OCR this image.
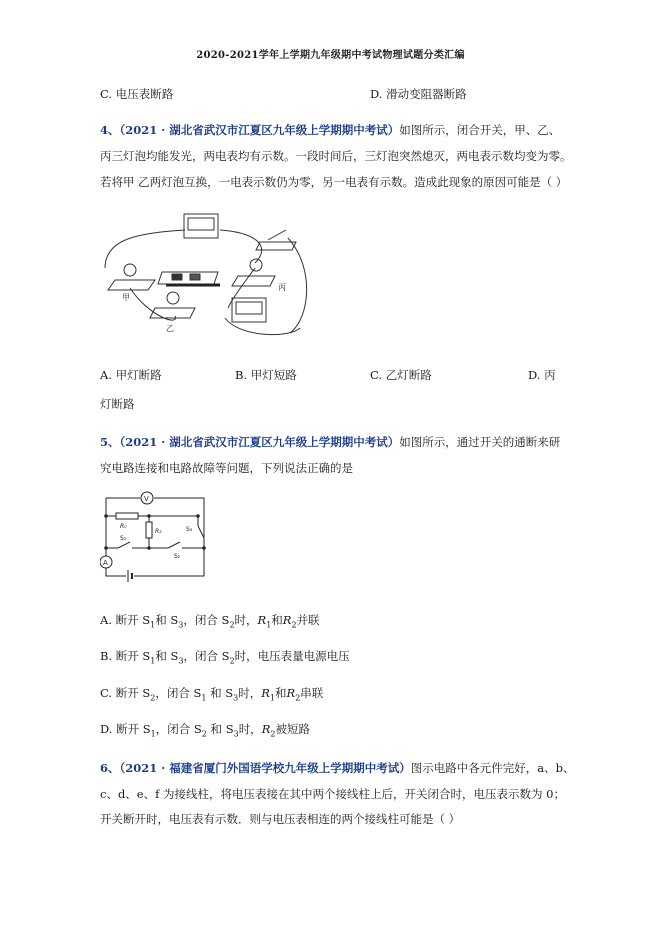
2020-2021学年上学期九年级期中考试物理试题分类汇编
C. 电压表断路	D. 滑动变阻器断路
4、（2021 · 湖北省武汉市江夏区九年级上学期期中考试）如图所示，闭合开关，甲、乙、
丙三灯泡均能发光，两电表均有示数。一段时间后，三灯泡突然熄灭，两电表示数均变为零。
若将甲 乙两灯泡互换，一电表示数仍为零，另一电表有示数。造成此现象的原因可能是（ ）
甲
乙
丙
A. 甲灯断路	B. 甲灯短路	C. 乙灯断路	D. 丙
灯断路
5、（2021 · 湖北省武汉市江夏区九年级上学期期中考试）如图所示，通过开关的通断来研
究电路连接和电路故障等问题，下列说法正确的是
V
A
R₀
R₂	S₃
S₁
S₂
A. 断开 $S_1$和 $S_3$，闭合 $S_2$时，$R_1$和$R_2$并联
B. 断开 $S_1$和 $S_3$，闭合 $S_2$时，电压表量电源电压
C. 断开 $S_2$，闭合 $S_1$ 和 $S_3$时，$R_1$和$R_2$串联
D. 断开 $S_1$，闭合 $S_2$ 和 $S_3$时，$R_2$被短路
6、（2021 · 福建省厦门外国语学校九年级上学期期中考试）图示电路中各元件完好，a、b、
c、d、e、f 为接线柱，将电压表接在其中两个接线柱上后，开关闭合时，电压表示数为 0；
开关断开时，电压表有示数．则与电压表相连的两个接线柱可能是（ ）
